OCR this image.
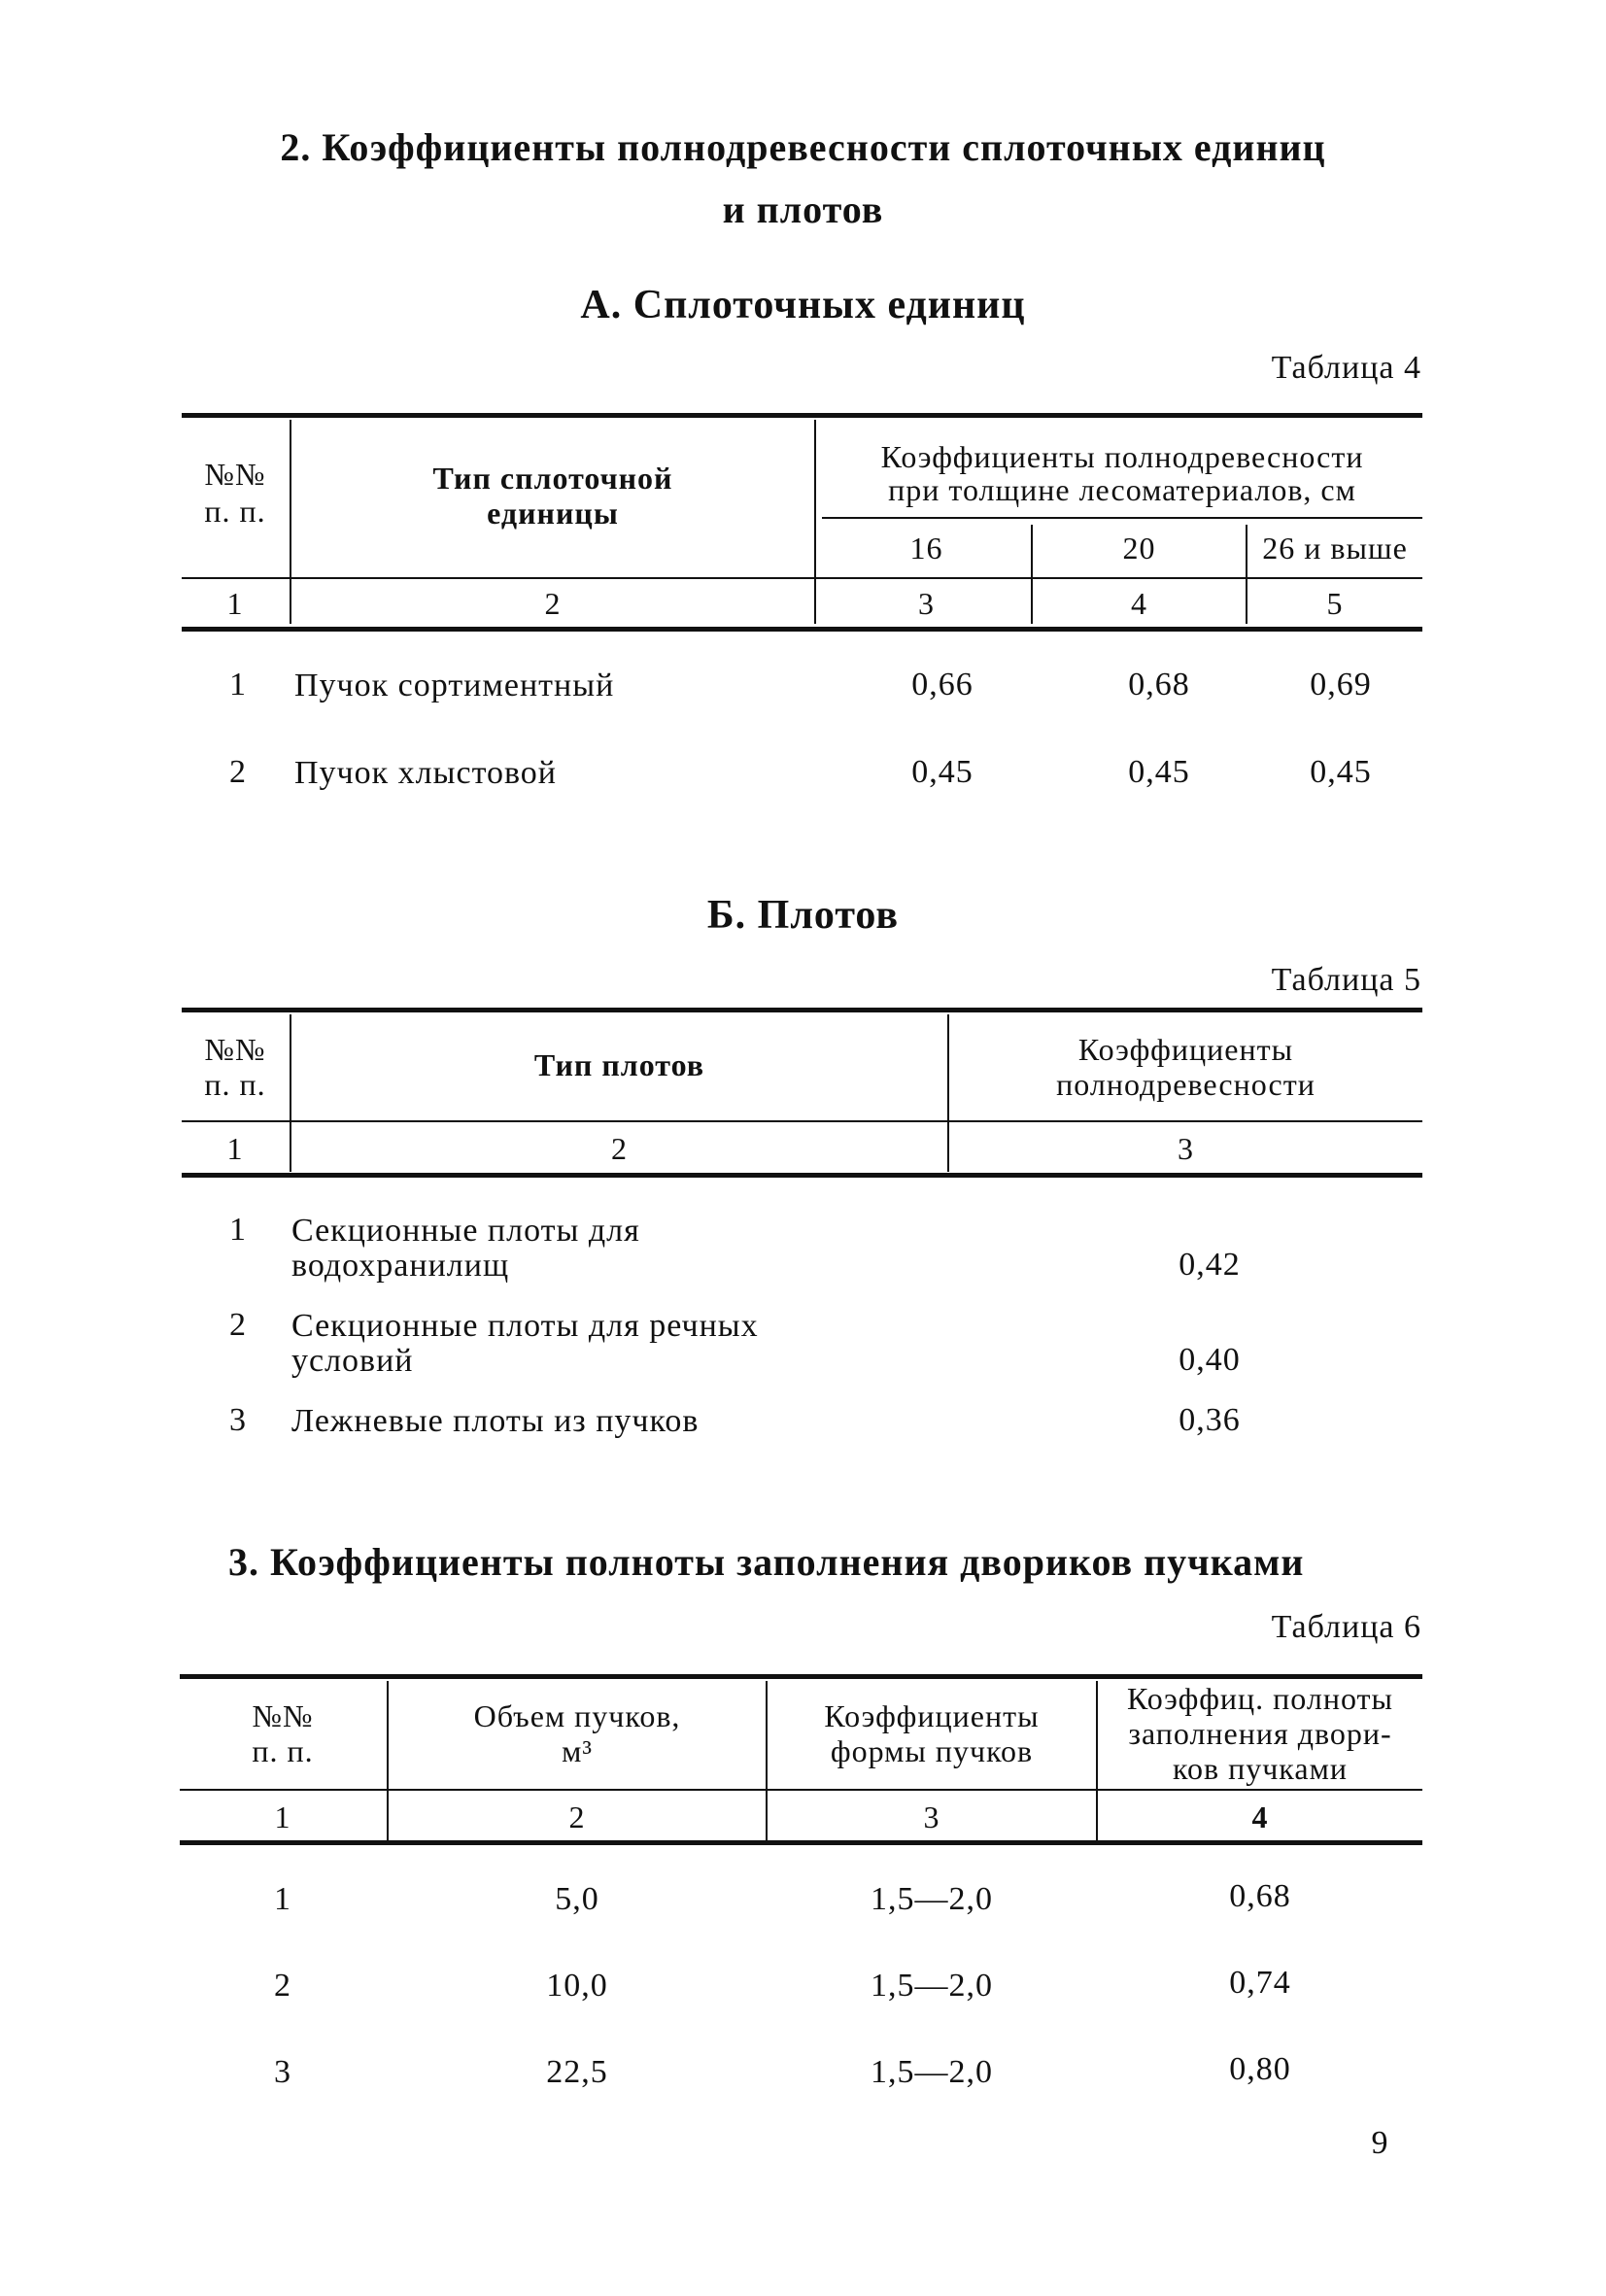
2. Коэффициенты полнодревесности сплоточных единиц
и плотов
А. Сплоточных единиц
Таблица 4
№№
п. п.
Тип сплоточной
единицы
Коэффициенты полнодревесности
при толщине лесоматериалов, см
16	20	26 и выше
1	2	3	4	5
1	Пучок сортиментный	0,66	0,68	0,69
2	Пучок хлыстовой	0,45	0,45	0,45
Б. Плотов
Таблица 5
№№
п. п.
Тип плотов	Коэффициенты
полнодревесности
1	2	3
1	Секционные плоты для
водохранилищ	0,42
2	Секционные плоты для речных
условий	0,40
3	Лежневые плоты из пучков	0,36
3. Коэффициенты полноты заполнения двориков пучками
Таблица 6
№№
п. п.
Объем пучков,
м³
Коэффициенты
формы пучков
Коэффиц. полноты
заполнения двори-
ков пучками
1	2	3	4
1	5,0	1,5—2,0	0,68
2	10,0	1,5—2,0	0,74
3	22,5	1,5—2,0	0,80
9
